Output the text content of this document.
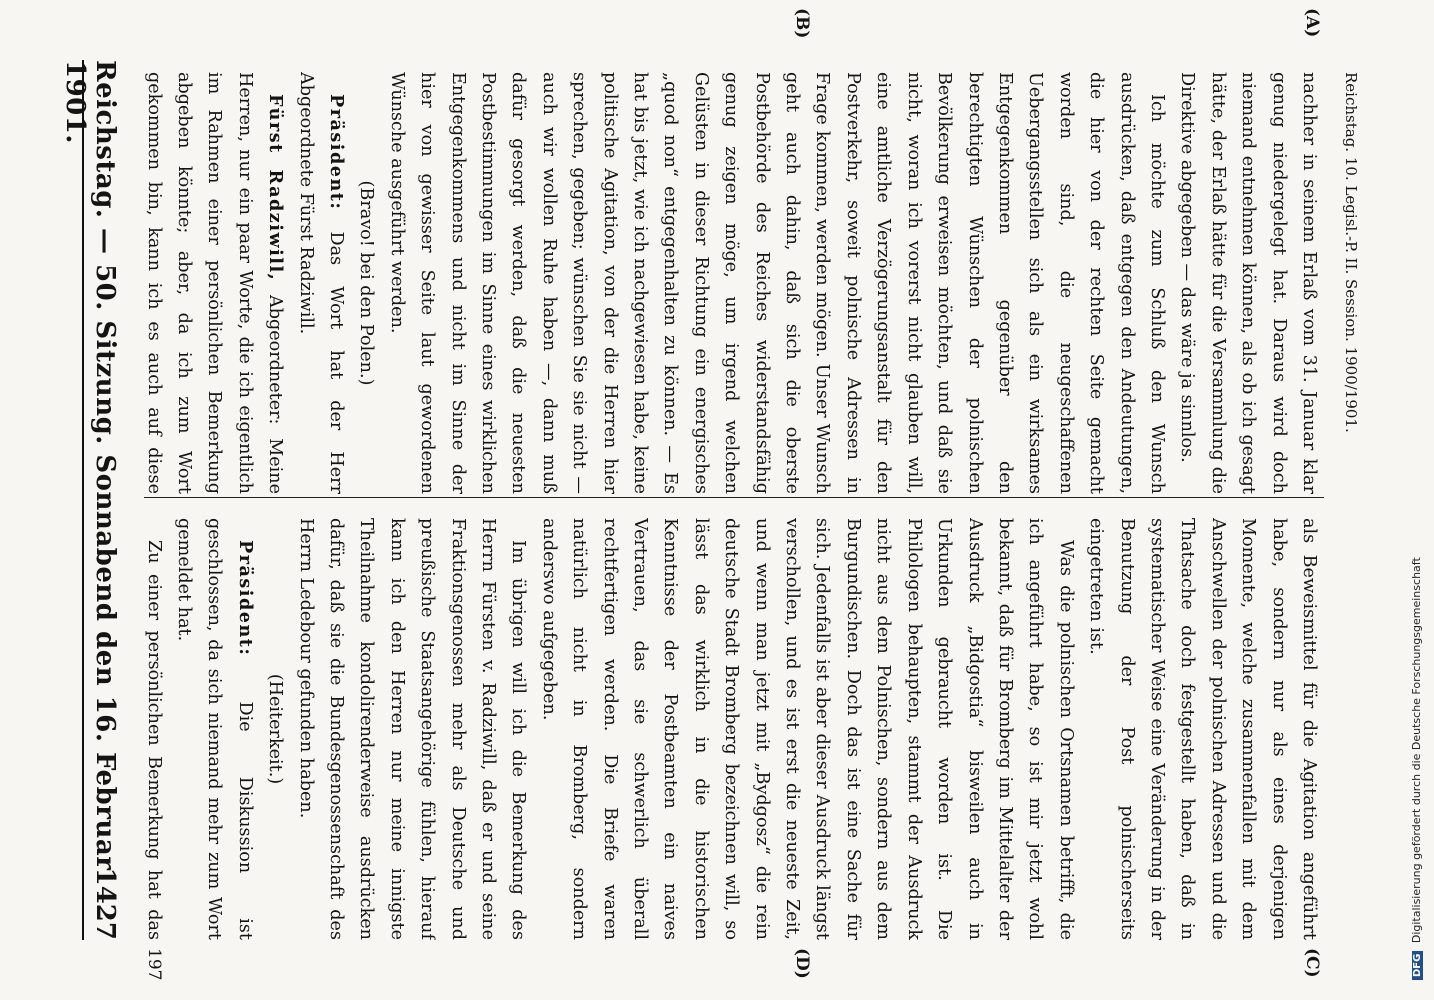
Reichstag. — 50. Sitzung. Sonnabend den 16. Februar 1901.
1427
(A)
(B)
(C)
(D)

nachher in seinem Erlaß vom 31. Januar klar genug niedergelegt hat. Daraus wird doch niemand entnehmen können, als ob ich gesagt hätte, der Erlaß hätte für die Versammlung die Direktive abgegeben — das wäre ja sinnlos.

Ich möchte zum Schluß den Wunsch ausdrücken, daß entgegen den Andeutungen, die hier von der rechten Seite gemacht worden sind, die neugeschaffenen Uebergangsstellen sich als ein wirksames Entgegenkommen gegenüber den berechtigten Wünschen der polnischen Bevölkerung erweisen möchten, und daß sie nicht, woran ich vorerst nicht glauben will, eine amtliche Verzögerungsanstalt für den Postverkehr, soweit polnische Adressen in Frage kommen, werden mögen. Unser Wunsch geht auch dahin, daß sich die oberste Postbehörde des Reiches widerstandsfähig genug zeigen möge, um irgend welchen Gelüsten in dieser Richtung ein energisches „quod non“ entgegenhalten zu können. — Es hat bis jetzt, wie ich nachgewiesen habe, keine politische Agitation, von der die Herren hier sprechen, gegeben; wünschen Sie sie nicht — auch wir wollen Ruhe haben —, dann muß dafür gesorgt werden, daß die neuesten Postbestimmungen im Sinne eines wirklichen Entgegenkommens und nicht im Sinne der hier von gewisser Seite laut gewordenen Wünsche ausgeführt werden.

(Bravo! bei den Polen.)

Präsident: Das Wort hat der Herr Abgeordnete Fürst Radziwill.

Fürst Radziwill, Abgeordneter: Meine Herren, nur ein paar Worte, die ich eigentlich im Rahmen einer persönlichen Bemerkung abgeben könnte; aber, da ich zum Wort gekommen bin, kann ich es auch auf diese

als Beweismittel für die Agitation angeführt habe, sondern nur als eines derjenigen Momente, welche zusammenfallen mit dem Anschwellen der polnischen Adressen und die Thatsache doch festgestellt haben, daß in systematischer Weise eine Veränderung in der Benutzung der Post polnischerseits eingetreten ist.

Was die polnischen Ortsnamen betrifft, die ich angeführt habe, so ist mir jetzt wohl bekannt, daß für Bromberg im Mittelalter der Ausdruck „Bidgostia“ bisweilen auch in Urkunden gebraucht worden ist. Die Philologen behaupten, stammt der Ausdruck nicht aus dem Polnischen, sondern aus dem Burgundischen. Doch das ist eine Sache für sich. Jedenfalls ist aber dieser Ausdruck längst verschollen, und es ist erst die neueste Zeit, und wenn man jetzt mit „Bydgosz“ die rein deutsche Stadt Bromberg bezeichnen will, so lässt das wirklich in die historischen Kenntnisse der Postbeamten ein naives Vertrauen, das sie schwerlich überall rechtfertigen werden. Die Briefe waren natürlich nicht in Bromberg, sondern anderswo aufgegeben.

Im übrigen will ich die Bemerkung des Herrn Fürsten v. Radziwill, daß er und seine Fraktionsgenossen mehr als Deutsche und preußische Staatsangehörige fühlen, hierauf kann ich den Herren nur meine innigste Theilnahme kondolirenderweise ausdrücken dafür, daß sie die Bundesgenossenschaft des Herrn Ledebour gefunden haben.

(Heiterkeit.)

Präsident: Die Diskussion ist geschlossen, da sich niemand mehr zum Wort gemeldet hat.

Zu einer persönlichen Bemerkung hat das

Reichstag. 10. Legisl.-P. II. Session. 1900/1901.
197	DFG Digitalisierung gefördert durch die Deutsche Forschungsgemeinschaft
